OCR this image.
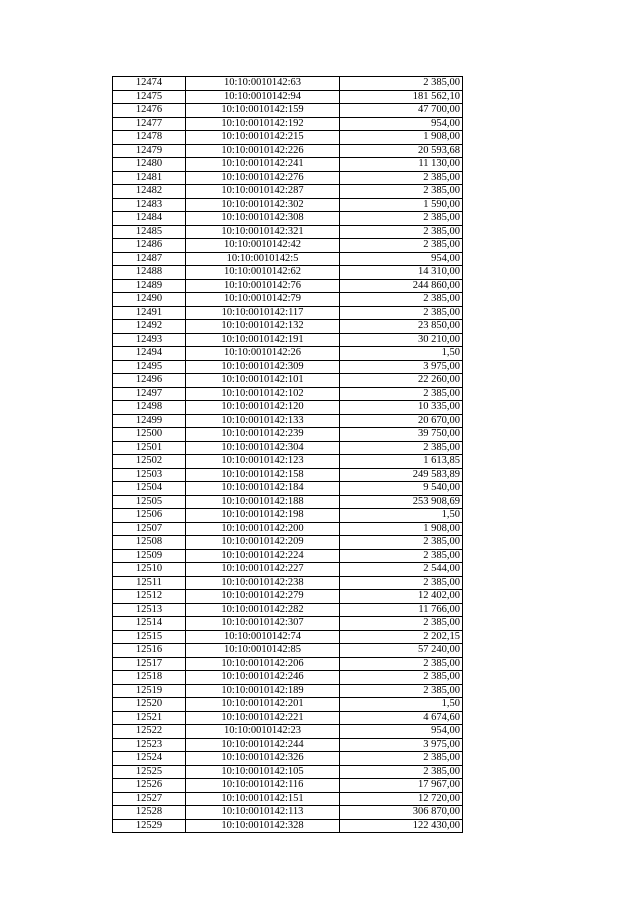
12474	10:10:0010142:63	2 385,00
12475	10:10:0010142:94	181 562,10
12476	10:10:0010142:159	47 700,00
12477	10:10:0010142:192	954,00
12478	10:10:0010142:215	1 908,00
12479	10:10:0010142:226	20 593,68
12480	10:10:0010142:241	11 130,00
12481	10:10:0010142:276	2 385,00
12482	10:10:0010142:287	2 385,00
12483	10:10:0010142:302	1 590,00
12484	10:10:0010142:308	2 385,00
12485	10:10:0010142:321	2 385,00
12486	10:10:0010142:42	2 385,00
12487	10:10:0010142:5	954,00
12488	10:10:0010142:62	14 310,00
12489	10:10:0010142:76	244 860,00
12490	10:10:0010142:79	2 385,00
12491	10:10:0010142:117	2 385,00
12492	10:10:0010142:132	23 850,00
12493	10:10:0010142:191	30 210,00
12494	10:10:0010142:26	1,50
12495	10:10:0010142:309	3 975,00
12496	10:10:0010142:101	22 260,00
12497	10:10:0010142:102	2 385,00
12498	10:10:0010142:120	10 335,00
12499	10:10:0010142:133	20 670,00
12500	10:10:0010142:239	39 750,00
12501	10:10:0010142:304	2 385,00
12502	10:10:0010142:123	1 613,85
12503	10:10:0010142:158	249 583,89
12504	10:10:0010142:184	9 540,00
12505	10:10:0010142:188	253 908,69
12506	10:10:0010142:198	1,50
12507	10:10:0010142:200	1 908,00
12508	10:10:0010142:209	2 385,00
12509	10:10:0010142:224	2 385,00
12510	10:10:0010142:227	2 544,00
12511	10:10:0010142:238	2 385,00
12512	10:10:0010142:279	12 402,00
12513	10:10:0010142:282	11 766,00
12514	10:10:0010142:307	2 385,00
12515	10:10:0010142:74	2 202,15
12516	10:10:0010142:85	57 240,00
12517	10:10:0010142:206	2 385,00
12518	10:10:0010142:246	2 385,00
12519	10:10:0010142:189	2 385,00
12520	10:10:0010142:201	1,50
12521	10:10:0010142:221	4 674,60
12522	10:10:0010142:23	954,00
12523	10:10:0010142:244	3 975,00
12524	10:10:0010142:326	2 385,00
12525	10:10:0010142:105	2 385,00
12526	10:10:0010142:116	17 967,00
12527	10:10:0010142:151	12 720,00
12528	10:10:0010142:113	306 870,00
12529	10:10:0010142:328	122 430,00
